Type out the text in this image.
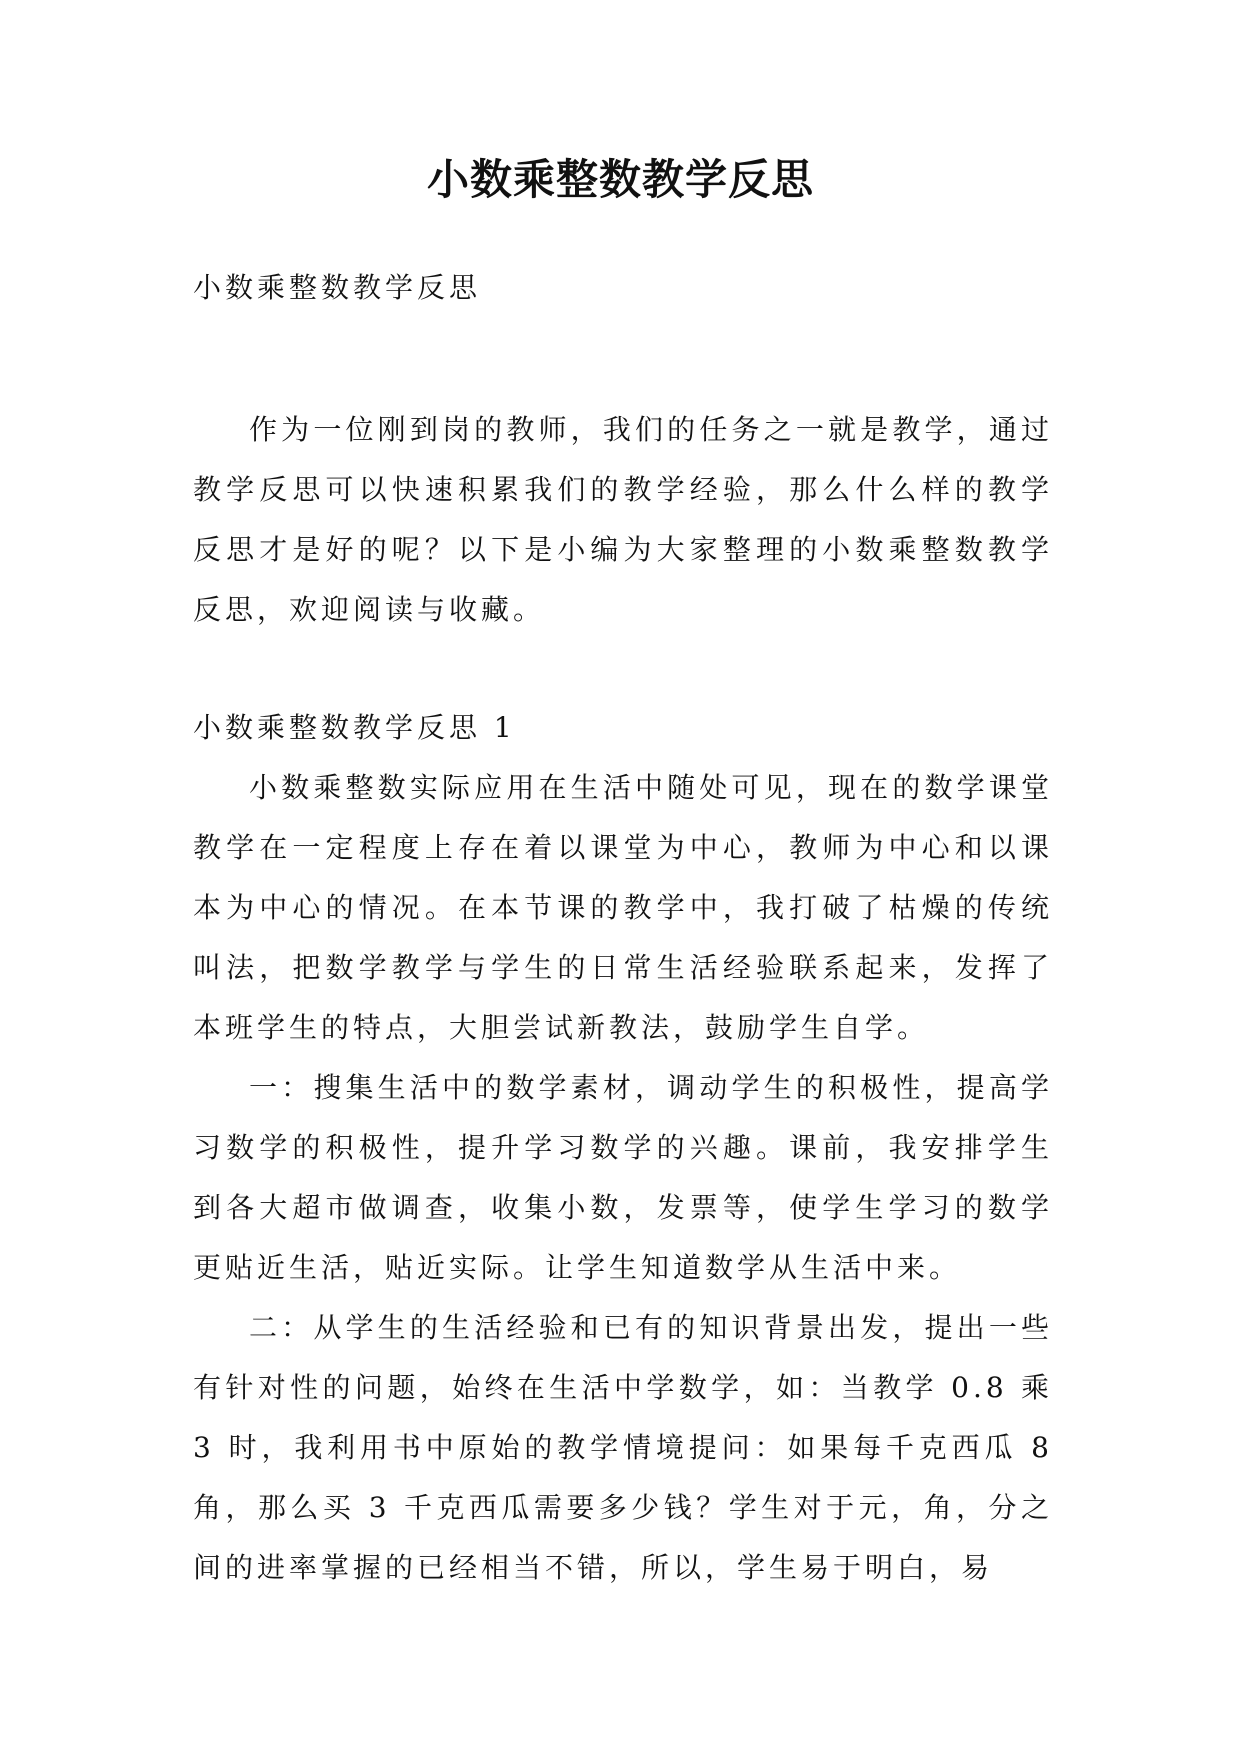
小数乘整数教学反思
小数乘整数教学反思

作为一位刚到岗的教师，我们的任务之一就是教学，通过教学反思可以快速积累我们的教学经验，那么什么样的教学反思才是好的呢？以下是小编为大家整理的小数乘整数教学反思，欢迎阅读与收藏。

小数乘整数教学反思 1

小数乘整数实际应用在生活中随处可见，现在的数学课堂教学在一定程度上存在着以课堂为中心，教师为中心和以课本为中心的情况。在本节课的教学中，我打破了枯燥的传统叫法，把数学教学与学生的日常生活经验联系起来，发挥了本班学生的特点，大胆尝试新教法，鼓励学生自学。

一：搜集生活中的数学素材，调动学生的积极性，提高学习数学的积极性，提升学习数学的兴趣。课前，我安排学生到各大超市做调查，收集小数，发票等，使学生学习的数学更贴近生活，贴近实际。让学生知道数学从生活中来。

二：从学生的生活经验和已有的知识背景出发，提出一些有针对性的问题，始终在生活中学数学，如：当教学 0.8 乘 3 时，我利用书中原始的教学情境提问：如果每千克西瓜 8 角，那么买 3 千克西瓜需要多少钱？学生对于元，角，分之间的进率掌握的已经相当不错，所以，学生易于明白，易
